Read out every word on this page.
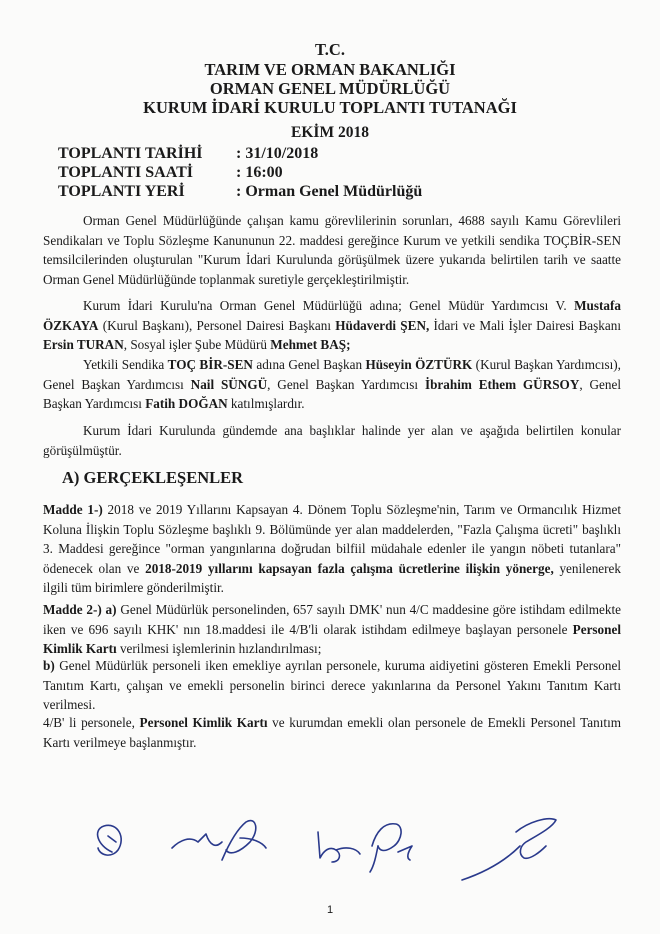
T.C.
TARIM VE ORMAN BAKANLIĞI
ORMAN GENEL MÜDÜRLÜĞÜ
KURUM İDARİ KURULU TOPLANTI TUTANAĞI
EKİM 2018
TOPLANTI TARİHİ : 31/10/2018
TOPLANTI SAATİ	: 16:00
TOPLANTI YERİ	: Orman Genel Müdürlüğü
Orman Genel Müdürlüğünde çalışan kamu görevlilerinin sorunları, 4688 sayılı Kamu Görevlileri Sendikaları ve Toplu Sözleşme Kanununun 22. maddesi gereğince Kurum ve yetkili sendika TOÇBİR-SEN temsilcilerinden oluşturulan "Kurum İdari Kurulunda görüşülmek üzere yukarıda belirtilen tarih ve saatte Orman Genel Müdürlüğünde toplanmak suretiyle gerçekleştirilmiştir.
Kurum İdari Kurulu'na Orman Genel Müdürlüğü adına; Genel Müdür Yardımcısı V. Mustafa ÖZKAYA (Kurul Başkanı), Personel Dairesi Başkanı Hüdaverdi ŞEN, İdari ve Mali İşler Dairesi Başkanı Ersin TURAN, Sosyal işler Şube Müdürü Mehmet BAŞ;
Yetkili Sendika TOÇ BİR-SEN adına Genel Başkan Hüseyin ÖZTÜRK (Kurul Başkan Yardımcısı), Genel Başkan Yardımcısı Nail SÜNGÜ, Genel Başkan Yardımcısı İbrahim Ethem GÜRSOY, Genel Başkan Yardımcısı Fatih DOĞAN katılmışlardır.
Kurum İdari Kurulunda gündemde ana başlıklar halinde yer alan ve aşağıda belirtilen konular görüşülmüştür.
A) GERÇEKLEŞENLER
Madde 1-) 2018 ve 2019 Yıllarını Kapsayan 4. Dönem Toplu Sözleşme'nin, Tarım ve Ormancılık Hizmet Koluna İlişkin Toplu Sözleşme başlıklı 9. Bölümünde yer alan maddelerden, "Fazla Çalışma ücreti" başlıklı 3. Maddesi gereğince "orman yangınlarına doğrudan bilfiil müdahale edenler ile yangın nöbeti tutanlara" ödenecek olan ve 2018-2019 yıllarını kapsayan fazla çalışma ücretlerine ilişkin yönerge, yenilenerek ilgili tüm birimlere gönderilmiştir.
Madde 2-) a) Genel Müdürlük personelinden, 657 sayılı DMK' nun 4/C maddesine göre istihdam edilmekte iken ve 696 sayılı KHK' nın 18.maddesi ile 4/B'li olarak istihdam edilmeye başlayan personele Personel Kimlik Kartı verilmesi işlemlerinin hızlandırılması;
b) Genel Müdürlük personeli iken emekliye ayrılan personele, kuruma aidiyetini gösteren Emekli Personel Tanıtım Kartı, çalışan ve emekli personelin birinci derece yakınlarına da Personel Yakını Tanıtım Kartı verilmesi.
4/B' li personele, Personel Kimlik Kartı ve kurumdan emekli olan personele de Emekli Personel Tanıtım Kartı verilmeye başlanmıştır.
1
